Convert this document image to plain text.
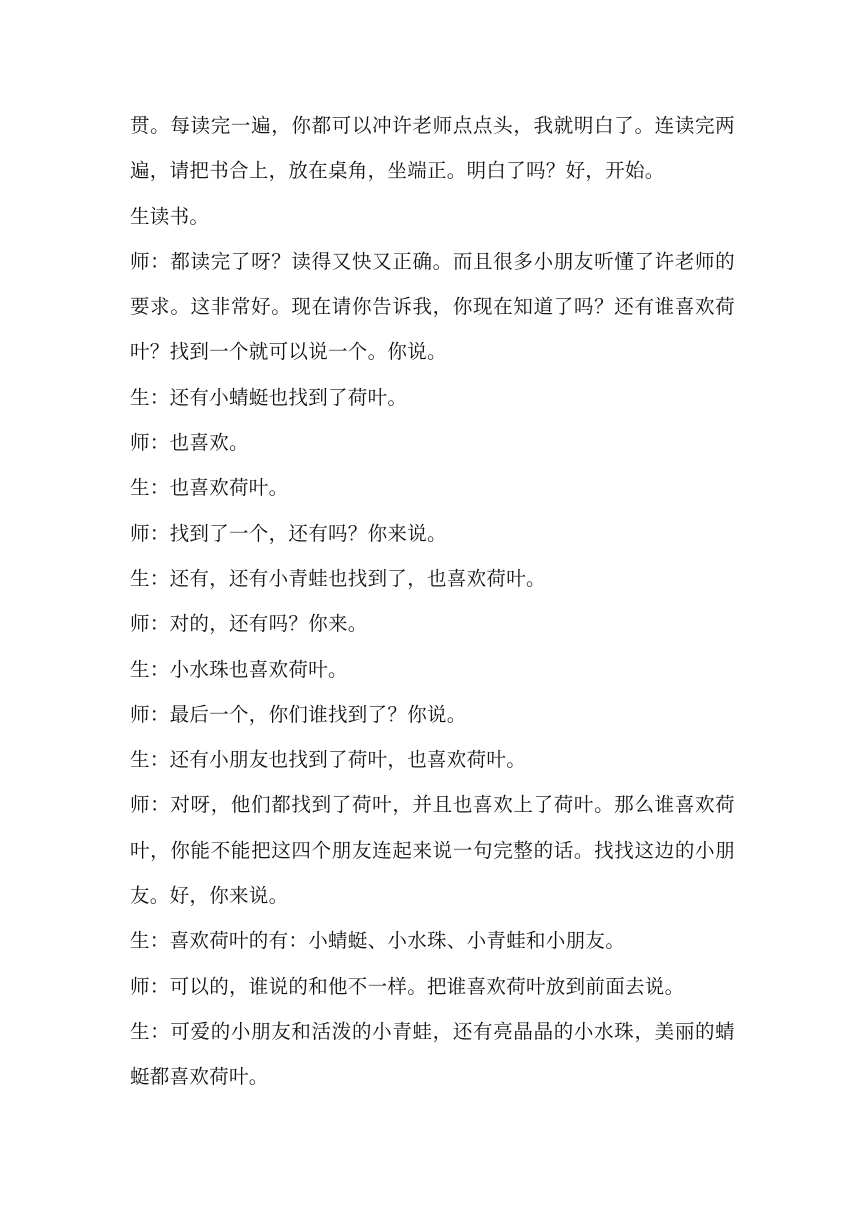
贯。每读完一遍，你都可以冲许老师点点头，我就明白了。连读完两遍，请把书合上，放在桌角，坐端正。明白了吗？好，开始。

生读书。

师：都读完了呀？读得又快又正确。而且很多小朋友听懂了许老师的要求。这非常好。现在请你告诉我，你现在知道了吗？还有谁喜欢荷叶？找到一个就可以说一个。你说。

生：还有小蜻蜓也找到了荷叶。

师：也喜欢。

生：也喜欢荷叶。

师：找到了一个，还有吗？你来说。

生：还有，还有小青蛙也找到了，也喜欢荷叶。

师：对的，还有吗？你来。

生：小水珠也喜欢荷叶。

师：最后一个，你们谁找到了？你说。

生：还有小朋友也找到了荷叶，也喜欢荷叶。

师：对呀，他们都找到了荷叶，并且也喜欢上了荷叶。那么谁喜欢荷叶，你能不能把这四个朋友连起来说一句完整的话。找找这边的小朋友。好，你来说。

生：喜欢荷叶的有：小蜻蜓、小水珠、小青蛙和小朋友。

师：可以的，谁说的和他不一样。把谁喜欢荷叶放到前面去说。

生：可爱的小朋友和活泼的小青蛙，还有亮晶晶的小水珠，美丽的蜻蜓都喜欢荷叶。
